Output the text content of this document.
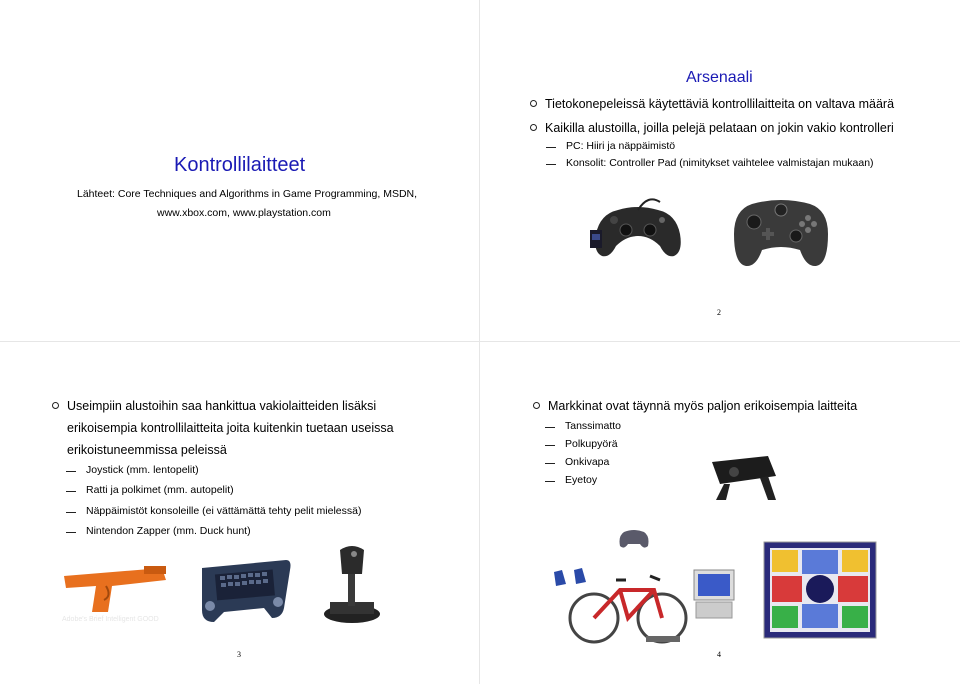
Kontrollilaitteet
Lähteet: Core Techniques and Algorithms in Game Programming, MSDN,
www.xbox.com, www.playstation.com
Arsenaali
Tietokonepeleissä käytettäviä kontrollilaitteita on valtava määrä
Kaikilla alustoilla, joilla pelejä pelataan on jokin vakio kontrolleri
PC: Hiiri ja näppäimistö
Konsolit: Controller Pad (nimitykset vaihtelee valmistajan mukaan)
2
Useimpiin alustoihin saa hankittua vakiolaitteiden lisäksi
erikoisempia kontrollilaitteita joita kuitenkin tuetaan useissa
erikoistuneemmissa peleissä
Joystick (mm. lentopelit)
Ratti ja polkimet (mm. autopelit)
Näppäimistöt konsoleille (ei vättämättä tehty pelit mielessä)
Nintendon Zapper (mm. Duck hunt)
Adobe's Brief Intelligent GOOD
3
Markkinat ovat täynnä myös paljon erikoisempia laitteita
Tanssimatto
Polkupyörä
Onkivapa
Eyetoy
4
